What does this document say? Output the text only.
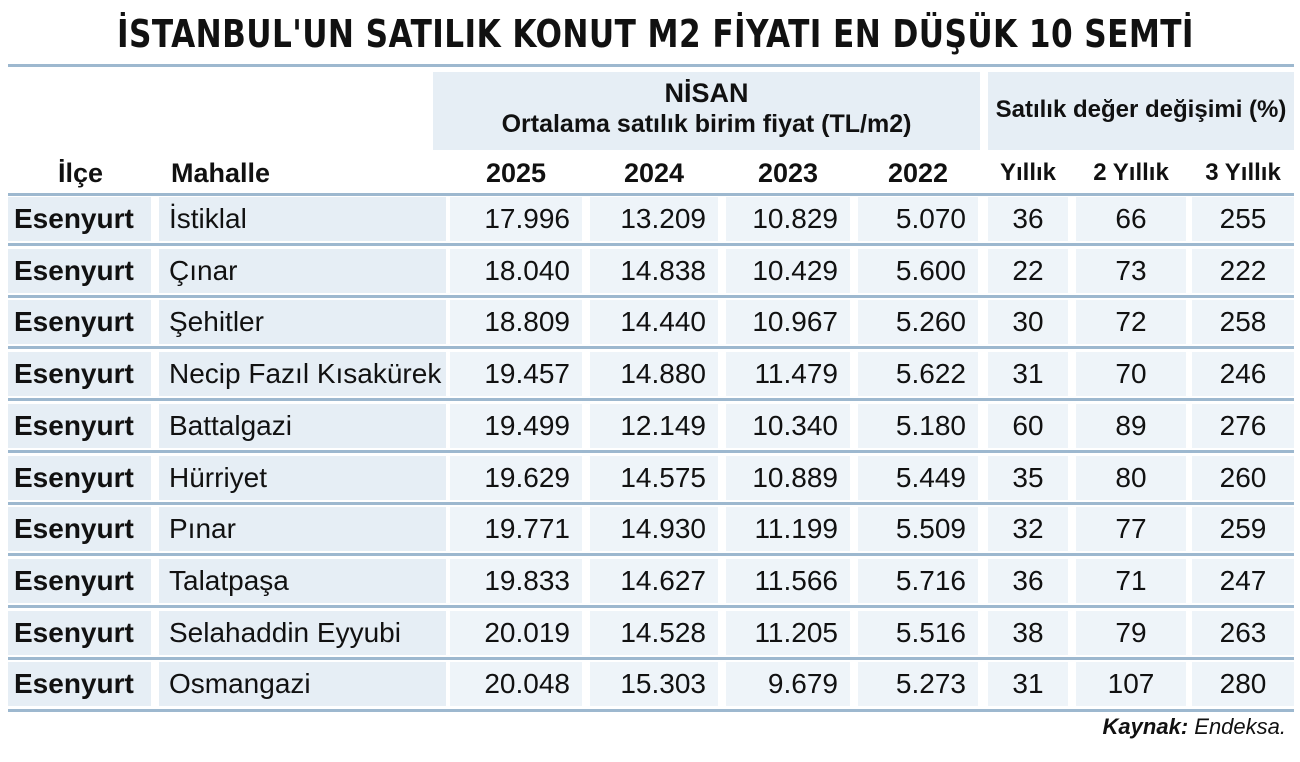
İSTANBUL'UN SATILIK KONUT M2 FİYATI EN DÜŞÜK 10 SEMTİ
NİSAN
Ortalama satılık birim fiyat (TL/m2)
Satılık değer değişimi (%)
İlçe	Mahalle	2025	2024	2023	2022	Yıllık	2 Yıllık	3 Yıllık
Esenyurt	İstiklal	17.996	13.209	10.829	5.070	36	66	255
Esenyurt	Çınar	18.040	14.838	10.429	5.600	22	73	222
Esenyurt	Şehitler	18.809	14.440	10.967	5.260	30	72	258
Esenyurt	Necip Fazıl Kısakürek	19.457	14.880	11.479	5.622	31	70	246
Esenyurt	Battalgazi	19.499	12.149	10.340	5.180	60	89	276
Esenyurt	Hürriyet	19.629	14.575	10.889	5.449	35	80	260
Esenyurt	Pınar	19.771	14.930	11.199	5.509	32	77	259
Esenyurt	Talatpaşa	19.833	14.627	11.566	5.716	36	71	247
Esenyurt	Selahaddin Eyyubi	20.019	14.528	11.205	5.516	38	79	263
Esenyurt	Osmangazi	20.048	15.303	9.679	5.273	31	107	280
Kaynak: Endeksa.
